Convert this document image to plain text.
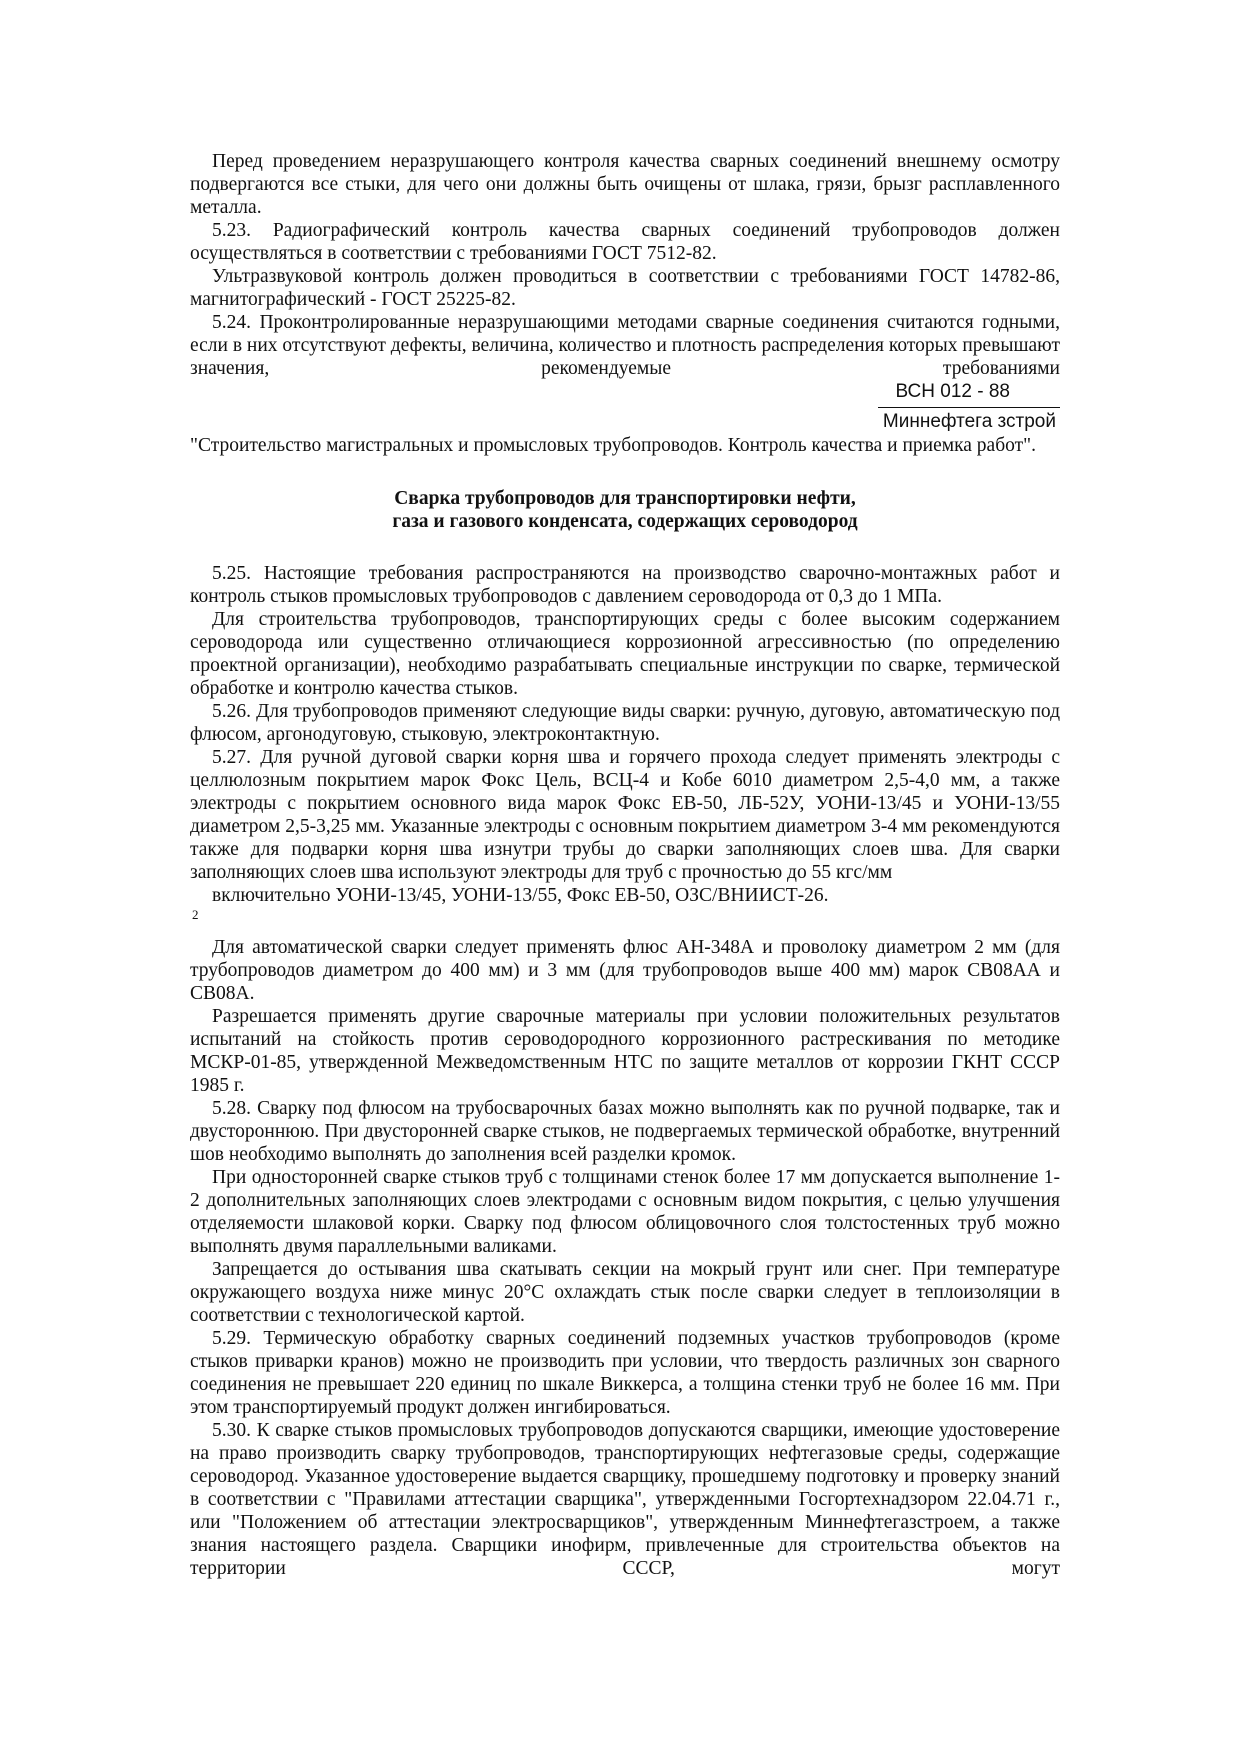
Перед проведением неразрушающего контроля качества сварных соединений внешнему осмотру подвергаются все стыки, для чего они должны быть очищены от шлака, грязи, брызг расплавленного металла.

5.23. Радиографический контроль качества сварных соединений трубопроводов должен осуществляться в соответствии с требованиями ГОСТ 7512-82.

Ультразвуковой контроль должен проводиться в соответствии с требованиями ГОСТ 14782-86, магнитографический - ГОСТ 25225-82.

5.24. Проконтролированные неразрушающими методами сварные соединения считаются годными, если в них отсутствуют дефекты, величина, количество и плотность распределения которых превышают значения, рекомендуемые требованиями

ВСН 012 - 88
Миннефтега зстрой

"Строительство магистральных и промысловых трубопроводов. Контроль качества и приемка работ".

Сварка трубопроводов для транспортировки нефти,
газа и газового конденсата, содержащих сероводород

5.25. Настоящие требования распространяются на производство сварочно-монтажных работ и контроль стыков промысловых трубопроводов с давлением сероводорода от 0,3 до 1 МПа.

Для строительства трубопроводов, транспортирующих среды с более высоким содержанием сероводорода или существенно отличающиеся коррозионной агрессивностью (по определению проектной организации), необходимо разрабатывать специальные инструкции по сварке, термической обработке и контролю качества стыков.

5.26. Для трубопроводов применяют следующие виды сварки: ручную, дуговую, автоматическую под флюсом, аргонодуговую, стыковую, электроконтактную.

5.27. Для ручной дуговой сварки корня шва и горячего прохода следует применять электроды с целлюлозным покрытием марок Фокс Цель, ВСЦ-4 и Кобе 6010 диаметром 2,5-4,0 мм, а также электроды с покрытием основного вида марок Фокс ЕВ-50, ЛБ-52У, УОНИ-13/45 и УОНИ-13/55 диаметром 2,5-3,25 мм. Указанные электроды с основным покрытием диаметром 3-4 мм рекомендуются также для подварки корня шва изнутри трубы до сварки заполняющих слоев шва. Для сварки заполняющих слоев шва используют электроды для труб с прочностью до 55 кгс/мм

включительно УОНИ-13/45, УОНИ-13/55, Фокс ЕВ-50, ОЗС/ВНИИСТ-26.

2

Для автоматической сварки следует применять флюс АН-348А и проволоку диаметром 2 мм (для трубопроводов диаметром до 400 мм) и 3 мм (для трубопроводов выше 400 мм) марок СВ08АА и СВ08А.

Разрешается применять другие сварочные материалы при условии положительных результатов испытаний на стойкость против сероводородного коррозионного растрескивания по методике МСКР-01-85, утвержденной Межведомственным НТС по защите металлов от коррозии ГКНТ СССР 1985 г.

5.28. Сварку под флюсом на трубосварочных базах можно выполнять как по ручной подварке, так и двустороннюю. При двусторонней сварке стыков, не подвергаемых термической обработке, внутренний шов необходимо выполнять до заполнения всей разделки кромок.

При односторонней сварке стыков труб с толщинами стенок более 17 мм допускается выполнение 1-2 дополнительных заполняющих слоев электродами с основным видом покрытия, с целью улучшения отделяемости шлаковой корки. Сварку под флюсом облицовочного слоя толстостенных труб можно выполнять двумя параллельными валиками.

Запрещается до остывания шва скатывать секции на мокрый грунт или снег. При температуре окружающего воздуха ниже минус 20°С охлаждать стык после сварки следует в теплоизоляции в соответствии с технологической картой.

5.29. Термическую обработку сварных соединений подземных участков трубопроводов (кроме стыков приварки кранов) можно не производить при условии, что твердость различных зон сварного соединения не превышает 220 единиц по шкале Виккерса, а толщина стенки труб не более 16 мм. При этом транспортируемый продукт должен ингибироваться.

5.30. К сварке стыков промысловых трубопроводов допускаются сварщики, имеющие удостоверение на право производить сварку трубопроводов, транспортирующих нефтегазовые среды, содержащие сероводород. Указанное удостоверение выдается сварщику, прошедшему подготовку и проверку знаний в соответствии с "Правилами аттестации сварщика", утвержденными Госгортехнадзором 22.04.71 г., или "Положением об аттестации электросварщиков", утвержденным Миннефтегазстроем, а также знания настоящего раздела. Сварщики инофирм, привлеченные для строительства объектов на территории СССР, могут
